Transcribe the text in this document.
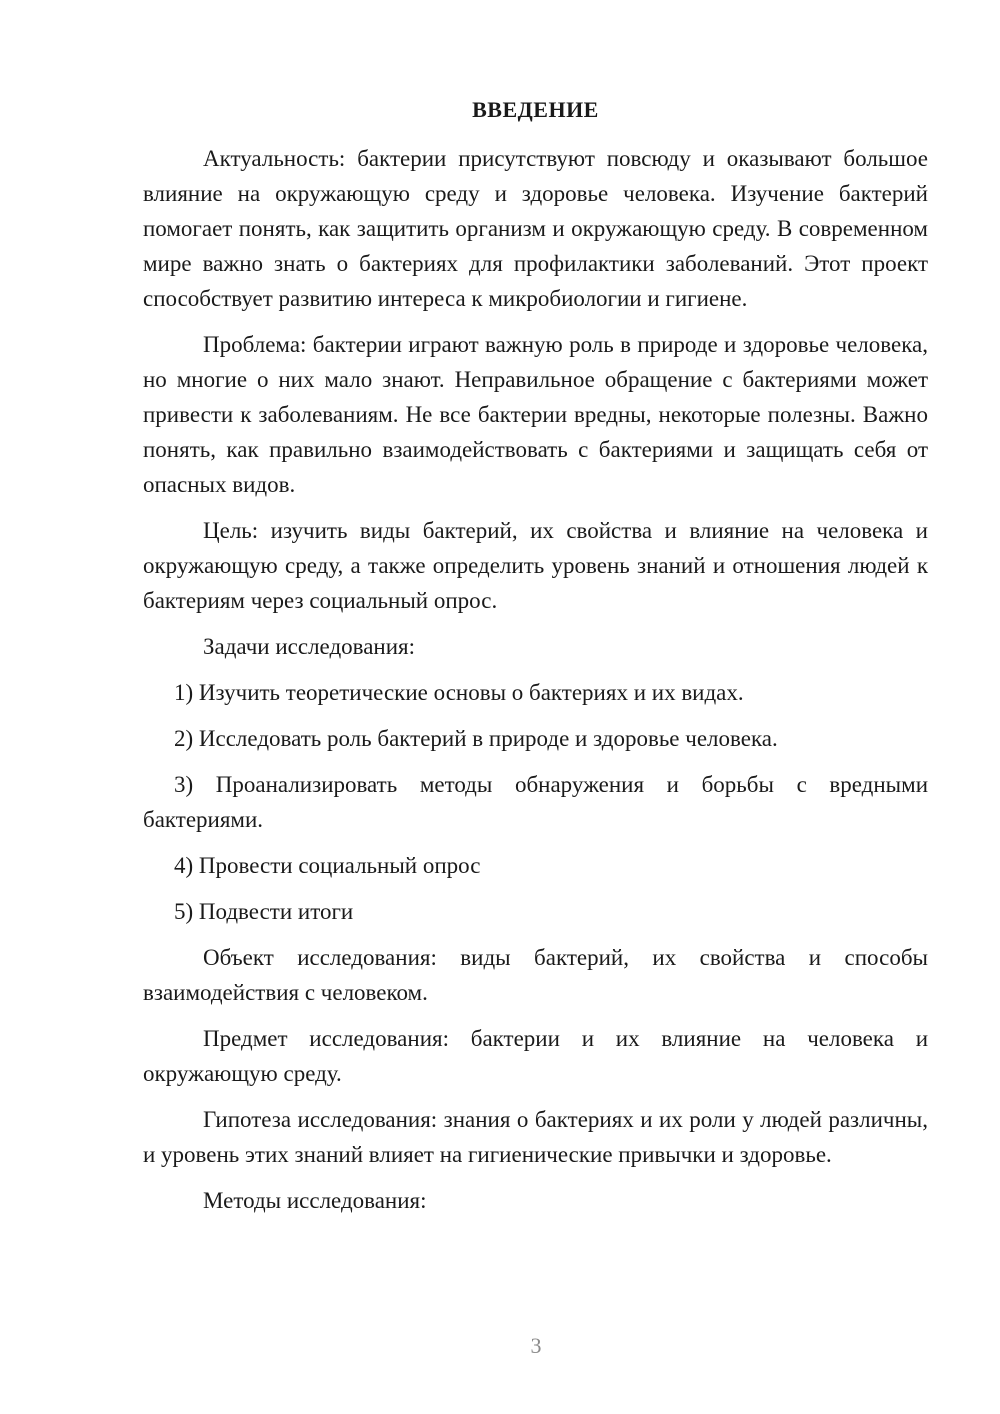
ВВЕДЕНИЕ

Актуальность: бактерии присутствуют повсюду и оказывают большое влияние на окружающую среду и здоровье человека. Изучение бактерий помогает понять, как защитить организм и окружающую среду. В современном мире важно знать о бактериях для профилактики заболеваний. Этот проект способствует развитию интереса к микробиологии и гигиене.

Проблема: бактерии играют важную роль в природе и здоровье человека, но многие о них мало знают. Неправильное обращение с бактериями может привести к заболеваниям. Не все бактерии вредны, некоторые полезны. Важно понять, как правильно взаимодействовать с бактериями и защищать себя от опасных видов.

Цель: изучить виды бактерий, их свойства и влияние на человека и окружающую среду, а также определить уровень знаний и отношения людей к бактериям через социальный опрос.

Задачи исследования:

1) Изучить теоретические основы о бактериях и их видах.

2) Исследовать роль бактерий в природе и здоровье человека.

3) Проанализировать методы обнаружения и борьбы с вредными бактериями.

4) Провести социальный опрос

5) Подвести итоги

Объект исследования: виды бактерий, их свойства и способы взаимодействия с человеком.

Предмет исследования: бактерии и их влияние на человека и окружающую среду.

Гипотеза исследования: знания о бактериях и их роли у людей различны, и уровень этих знаний влияет на гигиенические привычки и здоровье.

Методы исследования:

3
